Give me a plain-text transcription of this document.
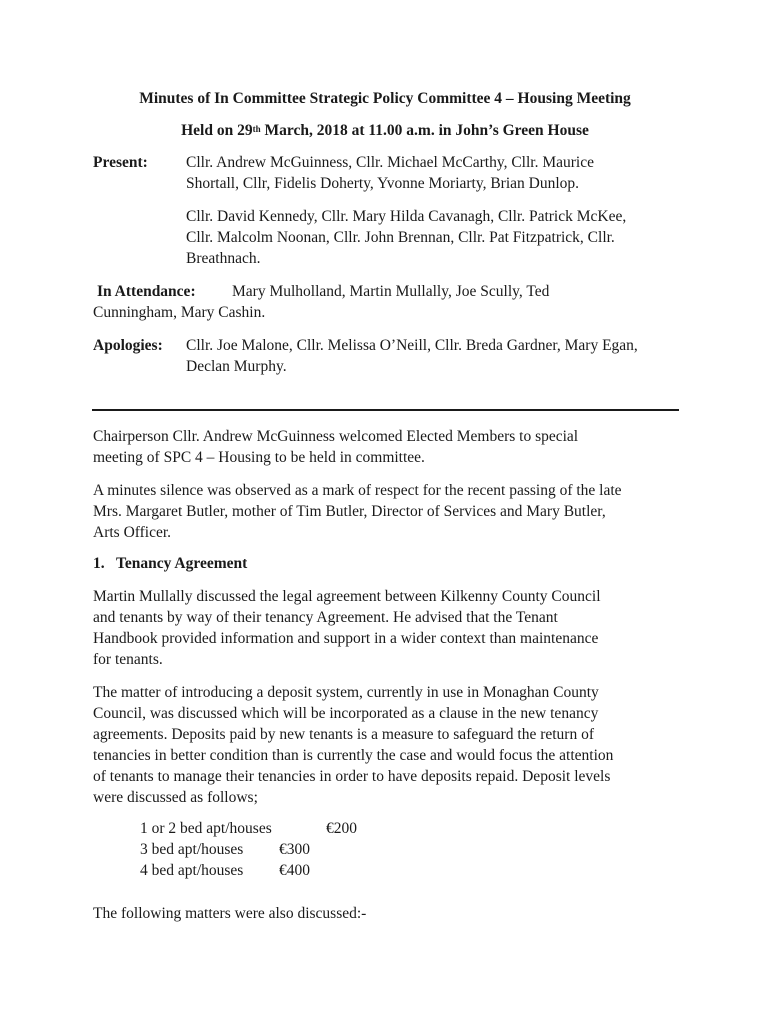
Minutes of In Committee Strategic Policy Committee 4 – Housing Meeting
Held on 29th March, 2018 at 11.00 a.m. in John’s Green House
Present: Cllr. Andrew McGuinness, Cllr. Michael McCarthy, Cllr. Maurice
Shortall, Cllr, Fidelis Doherty, Yvonne Moriarty, Brian Dunlop.
Cllr. David Kennedy, Cllr. Mary Hilda Cavanagh, Cllr. Patrick McKee,
Cllr. Malcolm Noonan, Cllr. John Brennan, Cllr. Pat Fitzpatrick, Cllr.
Breathnach.
In Attendance: Mary Mulholland, Martin Mullally, Joe Scully, Ted
Cunningham, Mary Cashin.
Apologies: Cllr. Joe Malone, Cllr. Melissa O’Neill, Cllr. Breda Gardner, Mary Egan,
Declan Murphy.
Chairperson Cllr. Andrew McGuinness welcomed Elected Members to special
meeting of SPC 4 – Housing to be held in committee.
A minutes silence was observed as a mark of respect for the recent passing of the late
Mrs. Margaret Butler, mother of Tim Butler, Director of Services and Mary Butler,
Arts Officer.
1. Tenancy Agreement
Martin Mullally discussed the legal agreement between Kilkenny County Council
and tenants by way of their tenancy Agreement. He advised that the Tenant
Handbook provided information and support in a wider context than maintenance
for tenants.
The matter of introducing a deposit system, currently in use in Monaghan County
Council, was discussed which will be incorporated as a clause in the new tenancy
agreements. Deposits paid by new tenants is a measure to safeguard the return of
tenancies in better condition than is currently the case and would focus the attention
of tenants to manage their tenancies in order to have deposits repaid. Deposit levels
were discussed as follows;
1 or 2 bed apt/houses	€200
3 bed apt/houses €300
4 bed apt/houses €400
The following matters were also discussed:-
